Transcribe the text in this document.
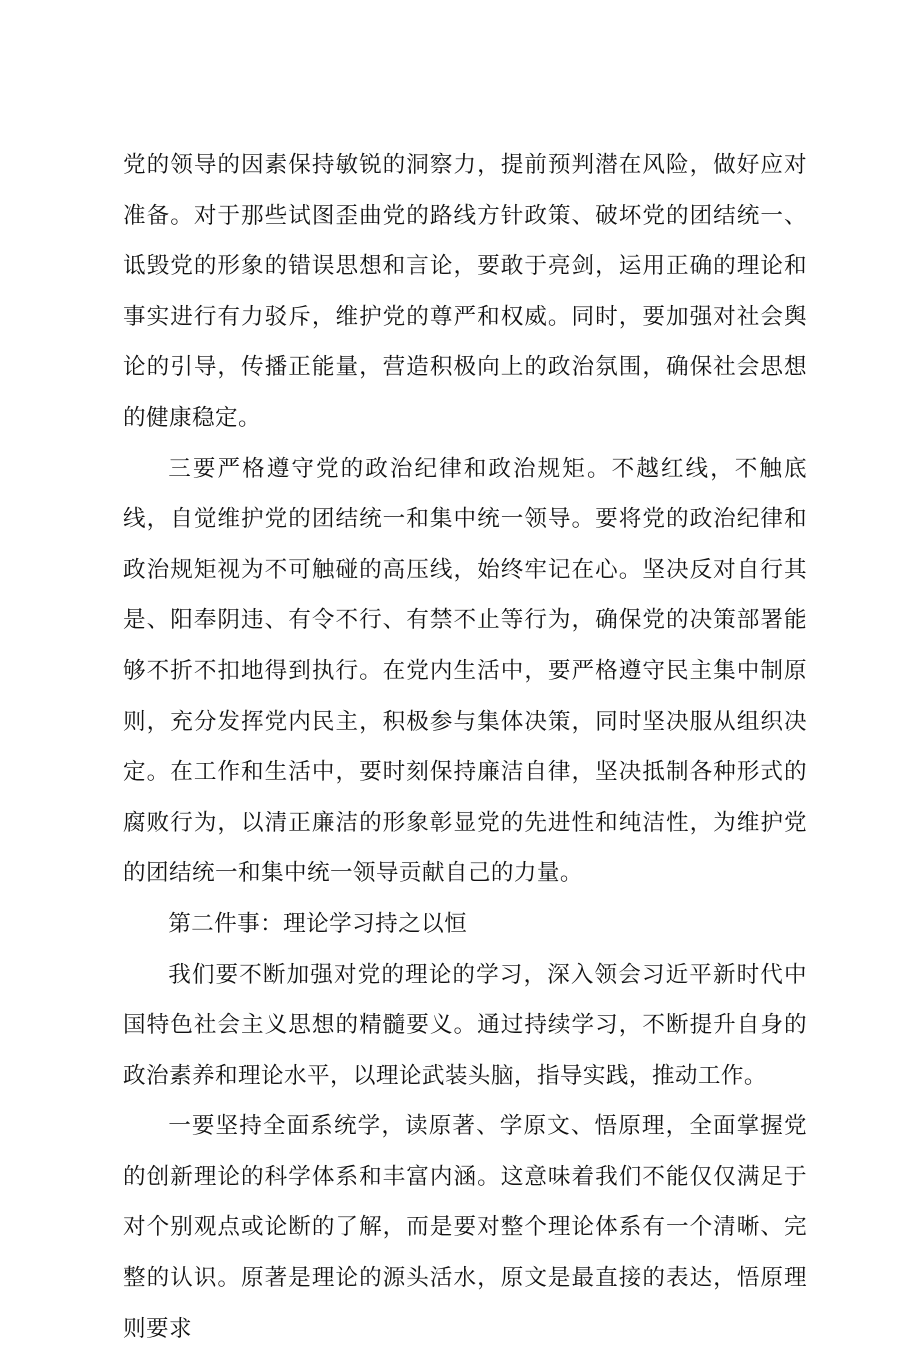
党的领导的因素保持敏锐的洞察力，提前预判潜在风险，做好应对准备。对于那些试图歪曲党的路线方针政策、破坏党的团结统一、诋毁党的形象的错误思想和言论，要敢于亮剑，运用正确的理论和事实进行有力驳斥，维护党的尊严和权威。同时，要加强对社会舆论的引导，传播正能量，营造积极向上的政治氛围，确保社会思想的健康稳定。

三要严格遵守党的政治纪律和政治规矩。不越红线，不触底线，自觉维护党的团结统一和集中统一领导。要将党的政治纪律和政治规矩视为不可触碰的高压线，始终牢记在心。坚决反对自行其是、阳奉阴违、有令不行、有禁不止等行为，确保党的决策部署能够不折不扣地得到执行。在党内生活中，要严格遵守民主集中制原则，充分发挥党内民主，积极参与集体决策，同时坚决服从组织决定。在工作和生活中，要时刻保持廉洁自律，坚决抵制各种形式的腐败行为，以清正廉洁的形象彰显党的先进性和纯洁性，为维护党的团结统一和集中统一领导贡献自己的力量。

第二件事：理论学习持之以恒

我们要不断加强对党的理论的学习，深入领会习近平新时代中国特色社会主义思想的精髓要义。通过持续学习，不断提升自身的政治素养和理论水平，以理论武装头脑，指导实践，推动工作。

一要坚持全面系统学，读原著、学原文、悟原理，全面掌握党的创新理论的科学体系和丰富内涵。这意味着我们不能仅仅满足于对个别观点或论断的了解，而是要对整个理论体系有一个清晰、完整的认识。原著是理论的源头活水，原文是最直接的表达，悟原理则要求
